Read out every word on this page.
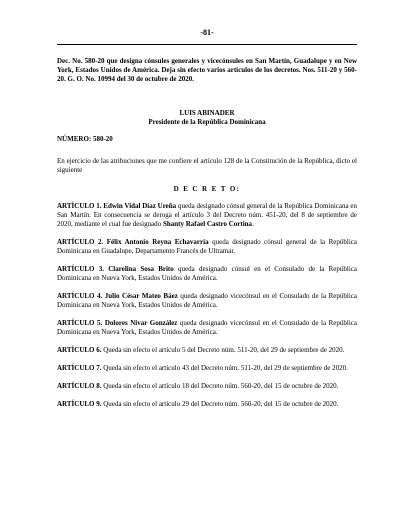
-81-
Dec. No. 580-20 que designa cónsules generales y vicecónsules en San Martín, Guadalupe y en New York, Estados Unidos de América. Deja sin efecto varios artículos de los decretos. Nos. 511-20 y 560-20. G. O. No. 10994 del 30 de octubre de 2020.
LUIS ABINADER
Presidente de la República Dominicana
NÚMERO: 580-20
En ejercicio de las atribuciones que me confiere el artículo 128 de la Constitución de la República, dicto el siguiente
D E C R E T O:
ARTÍCULO 1. Edwin Vidal Díaz Ureña queda designado cónsul general de la República Dominicana en San Martín. En consecuencia se deroga el artículo 3 del Decreto núm. 451-20, del 8 de septiembre de 2020, mediante el cual fue designado Shanty Rafael Castro Cortina.
ARTÍCULO 2. Félix Antonio Reyna Echavarría queda designado cónsul general de la República Dominicana en Guadalupe, Departamento Francés de Ultramar.
ARTÍCULO 3. Clarelina Sosa Brito queda designado cónsul en el Consulado de la República Dominicana en Nueva York, Estados Unidos de América.
ARTÍCULO 4. Julio César Mateo Báez queda designado vicecónsul en el Consulado de la República Dominicana en Nueva York, Estados Unidos de América.
ARTÍCULO 5. Dolores Nivar González queda designado vicecónsul en el Consulado de la República Dominicana en Nueva York, Estados Unidos de América.
ARTÍCULO 6. Queda sin efecto el artículo 5 del Decreto núm. 511-20, del 29 de septiembre de 2020.
ARTÍCULO 7. Queda sin efecto el artículo 43 del Decreto núm. 511-20, del 29 de septiembre de 2020.
ARTÍCULO 8. Queda sin efecto el artículo 18 del Decreto núm. 560-20, del 15 de octubre de 2020.
ARTÍCULO 9. Queda sin efecto el artículo 29 del Decreto núm. 560-20, del 15 de octubre de 2020.
